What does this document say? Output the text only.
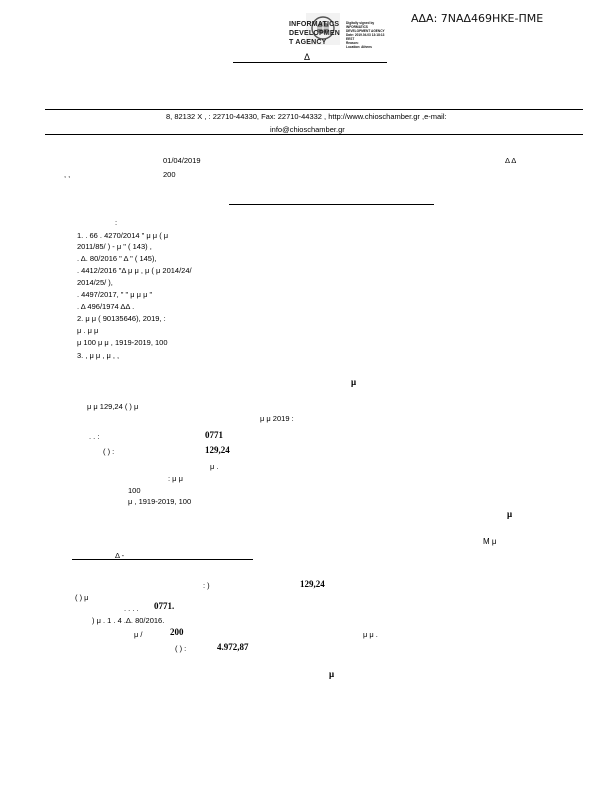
INFORMATICS
DEVELOPMEN
T AGENCY
Digitally signed by
INFORMATICS
DEVELOPMENT AGENCY
Date: 2019.04.03 13:18:13
EEST
Reason:
Location: Athens
ΑΔΑ: 7ΝΑΔ469ΗΚΕ-ΠΜΕ
Δ
8, 82132 Χ , : 22710-44330, Fax: 22710-44332 , http://www.chioschamber.gr ,e-mail:
info@chioschamber.gr
01/04/2019	Δ Δ
, ,	200
:
1. . 66 . 4270/2014 " μ μ ( μ
2011/85/ ) - μ " ( 143) ,
. Δ. 80/2016 " Δ " ( 145),
. 4412/2016 "Δ μ μ , μ ( μ 2014/24/
2014/25/ ),
. 4497/2017, " " μ μ μ "
. Δ 496/1974 ΔΔ .
2. μ μ ( 90135646), 2019, :
μ . μ μ
μ 100 μ μ , 1919-2019, 100
3. , μ μ , μ , ,
μ
μ μ 129,24 ( ) μ
μ μ 2019 :
. . :	0771
( ) :	129,24
μ .
: μ μ
100
μ , 1919-2019, 100
μ
Μ μ
Δ -
: )	129,24
( ) μ
. . . . 0771.
) μ . 1 . 4 .Δ. 80/2016.
μ /	200	μ μ .
( ) :	4.972,87
μ
